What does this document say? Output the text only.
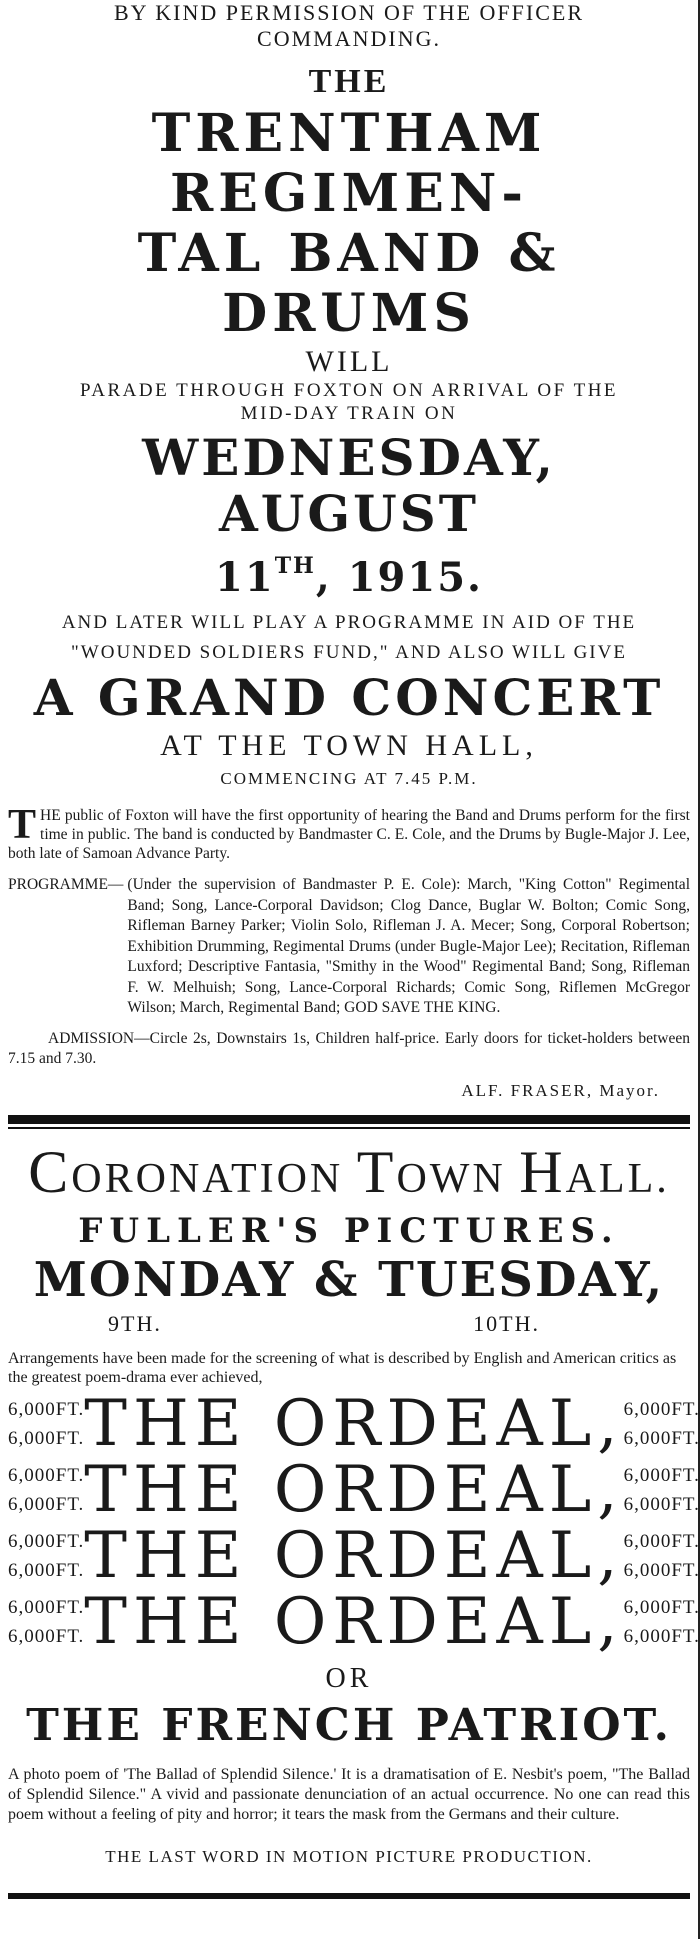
BY KIND PERMISSION OF THE OFFICER
COMMANDING.
THE
TRENTHAM REGIMEN-
TAL BAND & DRUMS
WILL
PARADE THROUGH FOXTON ON ARRIVAL OF THE
MID-DAY TRAIN ON
WEDNESDAY, AUGUST
11TH, 1915.
AND LATER WILL PLAY A PROGRAMME IN AID OF THE
"WOUNDED SOLDIERS FUND," AND ALSO WILL GIVE
A GRAND CONCERT
AT THE TOWN HALL,
COMMENCING AT 7.45 P.M.
THE public of Foxton will have the first opportunity of hearing the Band and Drums perform for the first time in public. The band is conducted by Bandmaster C. E. Cole, and the Drums by Bugle-Major J. Lee, both late of Samoan Advance Party.
PROGRAMME— (Under the supervision of Bandmaster P. E. Cole): March, "King Cotton" Regimental Band; Song, Lance-Corporal Davidson; Clog Dance, Buglar W. Bolton; Comic Song, Rifleman Barney Parker; Violin Solo, Rifleman J. A. Mecer; Song, Corporal Robertson; Exhibition Drumming, Regimental Drums (under Bugle-Major Lee); Recitation, Rifleman Luxford; Descriptive Fantasia, "Smithy in the Wood" Regimental Band; Song, Rifleman F. W. Melhuish; Song, Lance-Corporal Richards; Comic Song, Riflemen McGregor Wilson; March, Regimental Band; GOD SAVE THE KING.
ADMISSION—Circle 2s, Downstairs 1s, Children half-price. Early doors for ticket-holders between 7.15 and 7.30.
ALF. FRASER, Mayor.
CORONATION TOWN HALL.
FULLER'S PICTURES.
MONDAY & TUESDAY,
9TH.	10TH.
Arrangements have been made for the screening of what is described by English and American critics as the greatest poem-drama ever achieved,
6,000FT.
6,000FT. THE ORDEAL, 6,000FT.
6,000FT.
6,000FT.
6,000FT. THE ORDEAL, 6,000FT.
6,000FT.
6,000FT.
6,000FT. THE ORDEAL, 6,000FT.
6,000FT.
6,000FT.
6,000FT. THE ORDEAL, 6,000FT.
6,000FT.
OR
THE FRENCH PATRIOT.
A photo poem of 'The Ballad of Splendid Silence.' It is a dramatisation of E. Nesbit's poem, "The Ballad of Splendid Silence." A vivid and passionate denunciation of an actual occurrence. No one can read this poem without a feeling of pity and horror; it tears the mask from the Germans and their culture.
THE LAST WORD IN MOTION PICTURE PRODUCTION.
